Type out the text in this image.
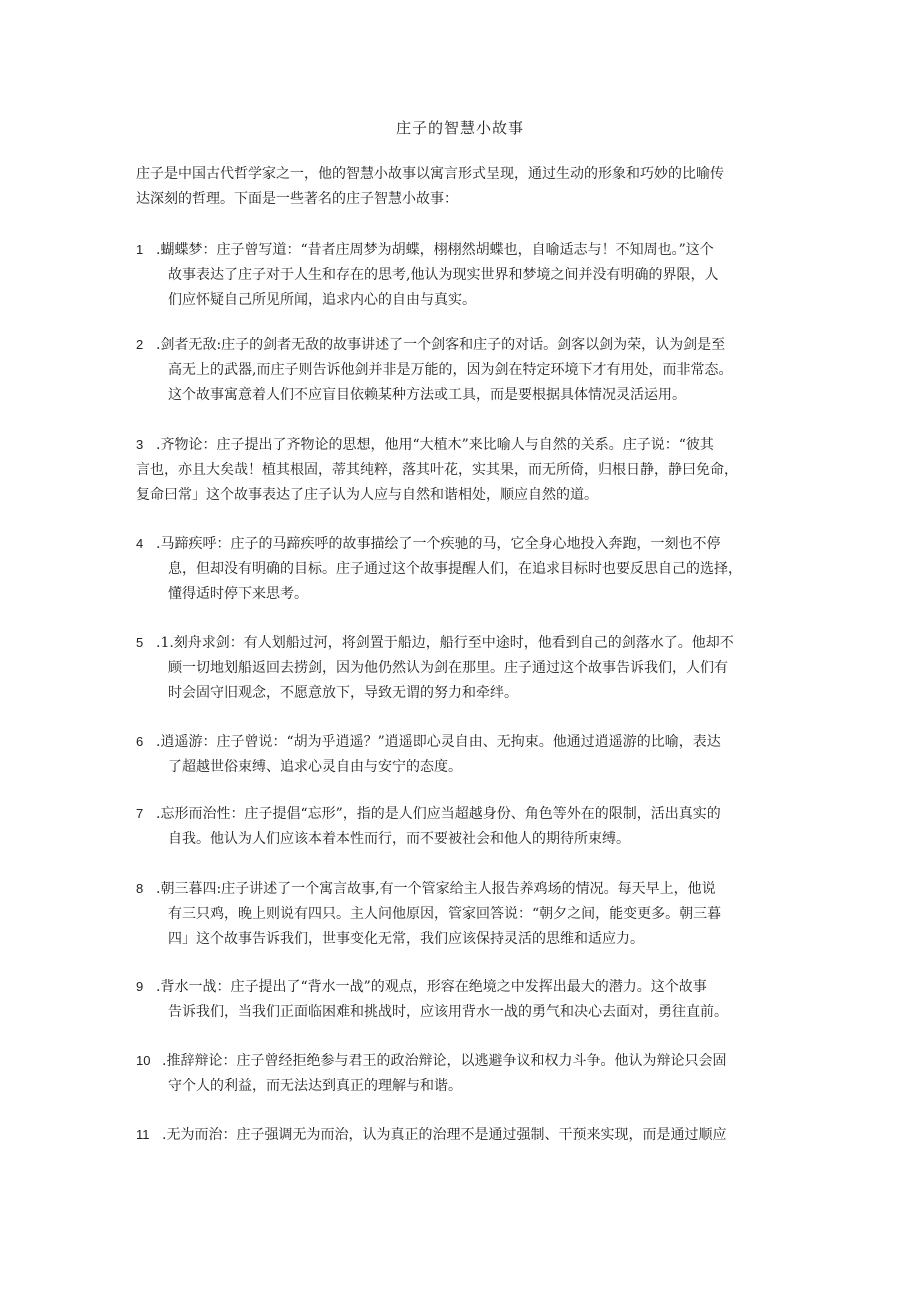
庄子的智慧小故事
庄子是中国古代哲学家之一，他的智慧小故事以寓言形式呈现，通过生动的形象和巧妙的比喻传
达深刻的哲理。下面是一些著名的庄子智慧小故事：
1 .蝴蝶梦：庄子曾写道：“昔者庄周梦为胡蝶，栩栩然胡蝶也，自喻适志与！不知周也。”这个
故事表达了庄子对于人生和存在的思考,他认为现实世界和梦境之间并没有明确的界限，人
们应怀疑自己所见所闻，追求内心的自由与真实。
2 .剑者无敌:庄子的剑者无敌的故事讲述了一个剑客和庄子的对话。剑客以剑为荣，认为剑是至
高无上的武器,而庄子则告诉他剑并非是万能的，因为剑在特定环境下才有用处，而非常态。
这个故事寓意着人们不应盲目依赖某种方法或工具，而是要根据具体情况灵活运用。
3 .齐物论：庄子提出了齐物论的思想，他用“大植木”来比喻人与自然的关系。庄子说：“彼其
言也，亦且大矣哉！植其根固，蒂其纯粹，落其叶花，实其果，而无所倚，归根日静，静曰免命，
复命曰常」这个故事表达了庄子认为人应与自然和谐相处，顺应自然的道。
4 .马蹄疾呼：庄子的马蹄疾呼的故事描绘了一个疾驰的马，它全身心地投入奔跑，一刻也不停
息，但却没有明确的目标。庄子通过这个故事提醒人们，在追求目标时也要反思自己的选择，
懂得适时停下来思考。
5 .1.刻舟求剑：有人划船过河，将剑置于船边，船行至中途时，他看到自己的剑落水了。他却不
顾一切地划船返回去捞剑，因为他仍然认为剑在那里。庄子通过这个故事告诉我们，人们有
时会固守旧观念，不愿意放下，导致无谓的努力和牵绊。
6 .逍遥游：庄子曾说：“胡为乎逍遥？”逍遥即心灵自由、无拘束。他通过逍遥游的比喻，表达
了超越世俗束缚、追求心灵自由与安宁的态度。
7 .忘形而治性：庄子提倡“忘形”，指的是人们应当超越身份、角色等外在的限制，活出真实的
自我。他认为人们应该本着本性而行，而不要被社会和他人的期待所束缚。
8 .朝三暮四:庄子讲述了一个寓言故事,有一个管家给主人报告养鸡场的情况。每天早上，他说
有三只鸡，晚上则说有四只。主人问他原因，管家回答说：“朝夕之间，能变更多。朝三暮
四」这个故事告诉我们，世事变化无常，我们应该保持灵活的思维和适应力。
9 .背水一战：庄子提出了“背水一战”的观点，形容在绝境之中发挥出最大的潜力。这个故事
告诉我们，当我们正面临困难和挑战时，应该用背水一战的勇气和决心去面对，勇往直前。
10 .推辞辩论：庄子曾经拒绝参与君王的政治辩论，以逃避争议和权力斗争。他认为辩论只会固
守个人的利益，而无法达到真正的理解与和谐。
11 .无为而治：庄子强调无为而治，认为真正的治理不是通过强制、干预来实现，而是通过顺应
